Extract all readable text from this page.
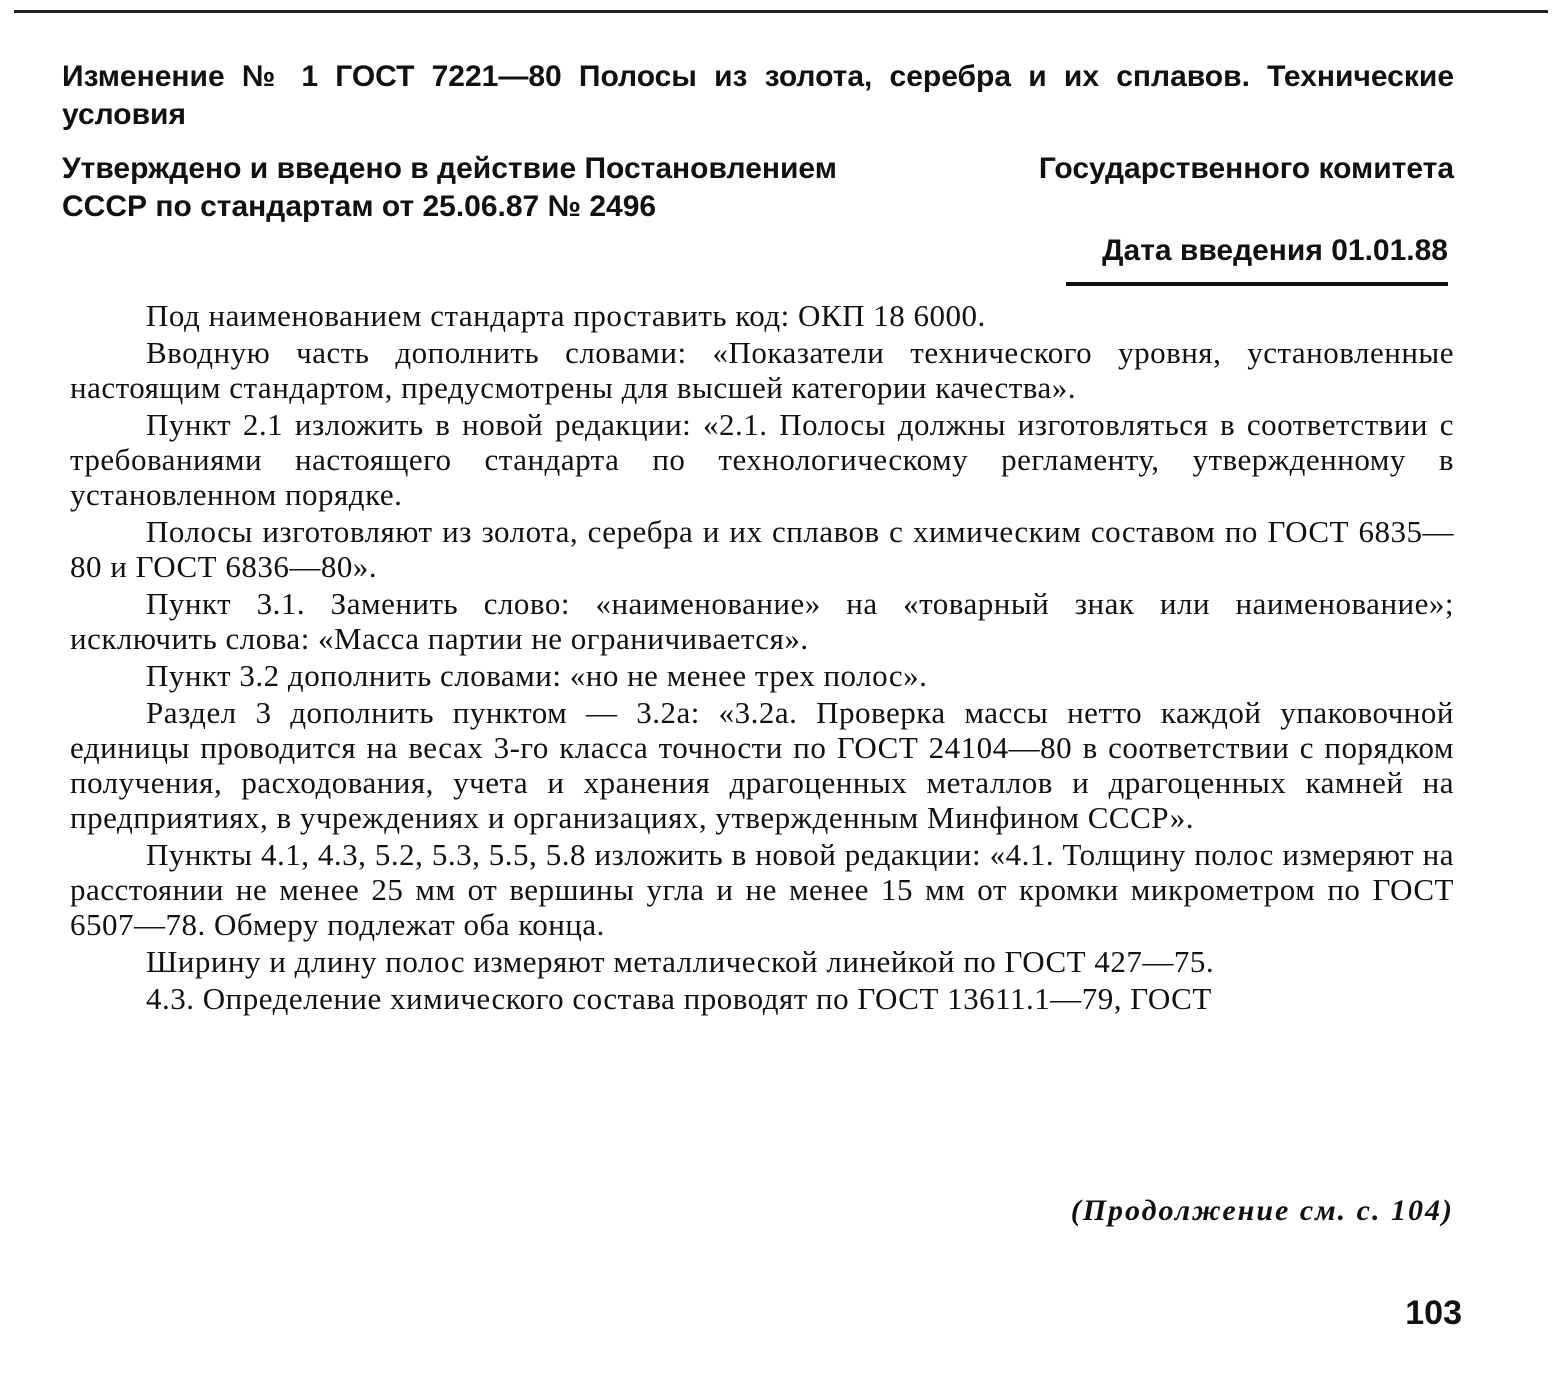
Изменение № 1 ГОСТ 7221—80 Полосы из золота, серебра и их сплавов. Технические условия
Утверждено и введено в действие Постановлением	Государственного комитета
СССР по стандартам от 25.06.87 № 2496
Дата введения 01.01.88

Под наименованием стандарта проставить код: ОКП 18 6000.

Вводную часть дополнить словами: «Показатели технического уровня, установленные настоящим стандартом, предусмотрены для высшей категории качества».

Пункт 2.1 изложить в новой редакции: «2.1. Полосы должны изготовляться в соответствии с требованиями настоящего стандарта по технологическому регламенту, утвержденному в установленном порядке.

Полосы изготовляют из золота, серебра и их сплавов с химическим составом по ГОСТ 6835—80 и ГОСТ 6836—80».

Пункт 3.1. Заменить слово: «наименование» на «товарный знак или наименование»; исключить слова: «Масса партии не ограничивается».

Пункт 3.2 дополнить словами: «но не менее трех полос».

Раздел 3 дополнить пунктом — 3.2а: «3.2а. Проверка массы нетто каждой упаковочной единицы проводится на весах 3-го класса точности по ГОСТ 24104—80 в соответствии с порядком получения, расходования, учета и хранения драгоценных металлов и драгоценных камней на предприятиях, в учреждениях и организациях, утвержденным Минфином СССР».

Пункты 4.1, 4.3, 5.2, 5.3, 5.5, 5.8 изложить в новой редакции: «4.1. Толщину полос измеряют на расстоянии не менее 25 мм от вершины угла и не менее 15 мм от кромки микрометром по ГОСТ 6507—78. Обмеру подлежат оба конца.

Ширину и длину полос измеряют металлической линейкой по ГОСТ 427—75.

4.3. Определение химического состава проводят по ГОСТ 13611.1—79, ГОСТ

(Продолжение см. с. 104)
103
